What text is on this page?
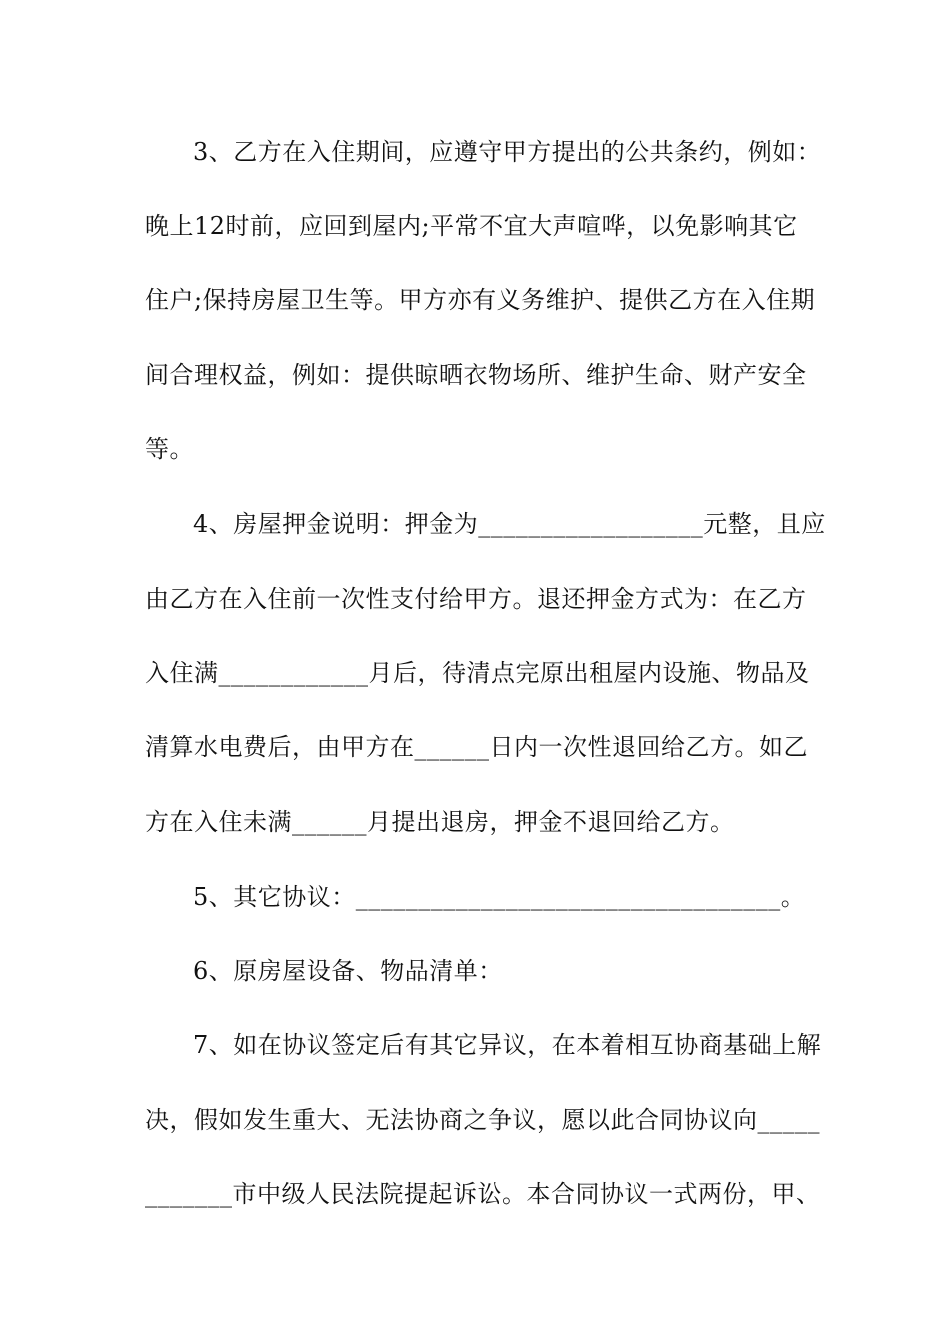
3、乙方在入住期间，应遵守甲方提出的公共条约，例如：
晚上12时前，应回到屋内;平常不宜大声喧哗，以免影响其它
住户;保持房屋卫生等。甲方亦有义务维护、提供乙方在入住期
间合理权益，例如：提供晾晒衣物场所、维护生命、财产安全
等。
4、房屋押金说明：押金为__________________元整，且应
由乙方在入住前一次性支付给甲方。退还押金方式为：在乙方
入住满____________月后，待清点完原出租屋内设施、物品及
清算水电费后，由甲方在______日内一次性退回给乙方。如乙
方在入住未满______月提出退房，押金不退回给乙方。
5、其它协议：__________________________________。
6、原房屋设备、物品清单：
7、如在协议签定后有其它异议，在本着相互协商基础上解
决，假如发生重大、无法协商之争议，愿以此合同协议向_____
_______市中级人民法院提起诉讼。本合同协议一式两份，甲、
